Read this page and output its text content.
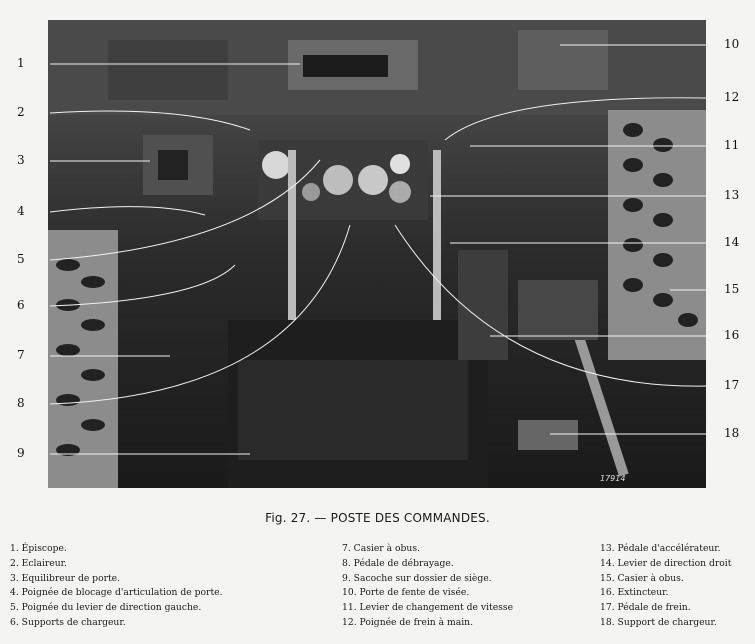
1
2
3
4
5
6
7
8
9
10
12
11
13
14
15
16
17
18
17914
Fig. 27. — POSTE DES COMMANDES.
1. Épiscope.
2. Eclaireur.
3. Equilibreur de porte.
4. Poignée de blocage d'articulation de porte.
5. Poignée du levier de direction gauche.
6. Supports de chargeur.
7. Casier à obus.
8. Pédale de débrayage.
9. Sacoche sur dossier de siège.
10. Porte de fente de visée.
11. Levier de changement de vitesse
12. Poignée de frein à main.
13. Pédale d'accélérateur.
14. Levier de direction droit
15. Casier à obus.
16. Extincteur.
17. Pédale de frein.
18. Support de chargeur.
